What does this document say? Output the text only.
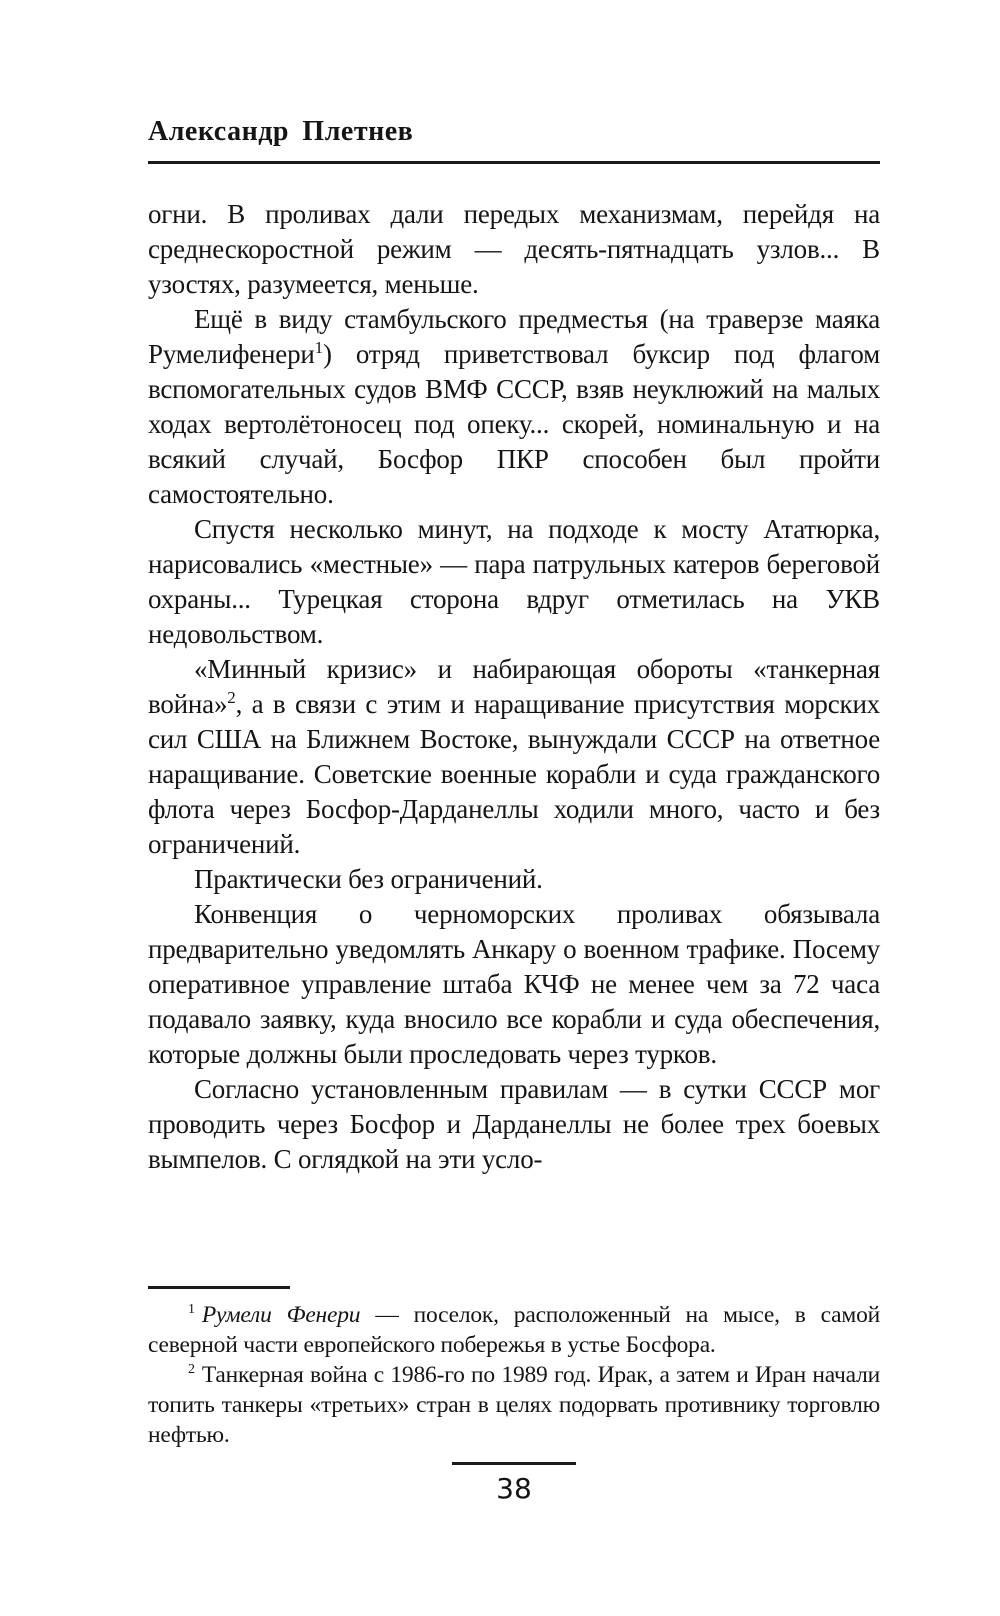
Александр Плетнев

огни. В проливах дали передых механизмам, перейдя на среднескоростной режим — десять-пятнадцать узлов... В узостях, разумеется, меньше.

Ещё в виду стамбульского предместья (на траверзе маяка Румелифенери$^1$) отряд приветствовал буксир под флагом вспомогательных судов ВМФ СССР, взяв неуклюжий на малых ходах вертолётоносец под опеку... скорей, номинальную и на всякий случай, Босфор ПКР способен был пройти самостоятельно.

Спустя несколько минут, на подходе к мосту Ататюрка, нарисовались «местные» — пара патрульных катеров береговой охраны... Турецкая сторона вдруг отметилась на УКВ недовольством.

«Минный кризис» и набирающая обороты «танкерная война»$^2$, а в связи с этим и наращивание присутствия морских сил США на Ближнем Востоке, вынуждали СССР на ответное наращивание. Советские военные корабли и суда гражданского флота через Босфор-Дарданеллы ходили много, часто и без ограничений.

Практически без ограничений.

Конвенция о черноморских проливах обязывала предварительно уведомлять Анкару о военном трафике. Посему оперативное управление штаба КЧФ не менее чем за 72 часа подавало заявку, куда вносило все корабли и суда обеспечения, которые должны были проследовать через турков.

Согласно установленным правилам — в сутки СССР мог проводить через Босфор и Дарданеллы не более трех боевых вымпелов. С оглядкой на эти усло-

$^1$ Румели Фенери — поселок, расположенный на мысе, в самой северной части европейского побережья в устье Босфора.

$^2$ Танкерная война с 1986-го по 1989 год. Ирак, а затем и Иран начали топить танкеры «третьих» стран в целях подорвать противнику торговлю нефтью.

38
